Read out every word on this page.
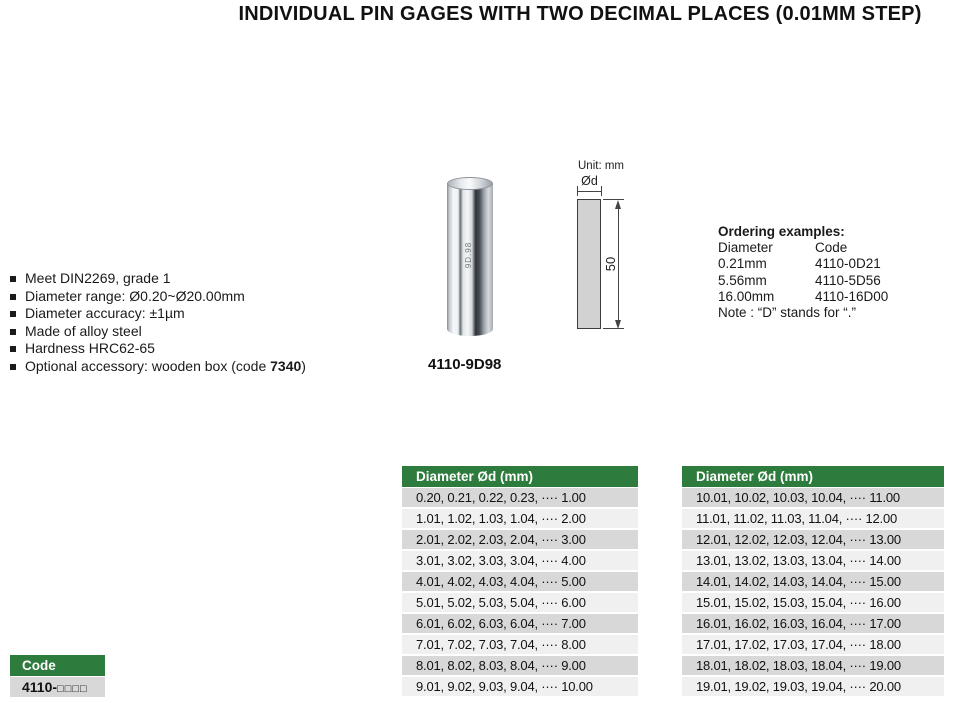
INDIVIDUAL PIN GAGES WITH TWO DECIMAL PLACES (0.01MM STEP)
Meet DIN2269, grade 1
Diameter range: Ø0.20~Ø20.00mm
Diameter accuracy: ±1µm
Made of alloy steel
Hardness HRC62-65
Optional accessory: wooden box (code 7340)
9D.98
4110-9D98
Unit: mm
Ød
50
Ordering examples:
Diameter	Code
0.21mm	4110-0D21
5.56mm	4110-5D56
16.00mm	4110-16D00
Note : “D” stands for “.”
Diameter Ød (mm)
0.20, 0.21, 0.22, 0.23, ···· 1.00
1.01, 1.02, 1.03, 1.04, ···· 2.00
2.01, 2.02, 2.03, 2.04, ···· 3.00
3.01, 3.02, 3.03, 3.04, ···· 4.00
4.01, 4.02, 4.03, 4.04, ···· 5.00
5.01, 5.02, 5.03, 5.04, ···· 6.00
6.01, 6.02, 6.03, 6.04, ···· 7.00
7.01, 7.02, 7.03, 7.04, ···· 8.00
8.01, 8.02, 8.03, 8.04, ···· 9.00
9.01, 9.02, 9.03, 9.04, ···· 10.00
Diameter Ød (mm)
10.01, 10.02, 10.03, 10.04, ···· 11.00
11.01, 11.02, 11.03, 11.04, ···· 12.00
12.01, 12.02, 12.03, 12.04, ···· 13.00
13.01, 13.02, 13.03, 13.04, ···· 14.00
14.01, 14.02, 14.03, 14.04, ···· 15.00
15.01, 15.02, 15.03, 15.04, ···· 16.00
16.01, 16.02, 16.03, 16.04, ···· 17.00
17.01, 17.02, 17.03, 17.04, ···· 18.00
18.01, 18.02, 18.03, 18.04, ···· 19.00
19.01, 19.02, 19.03, 19.04, ···· 20.00
Code
4110-□□□□
